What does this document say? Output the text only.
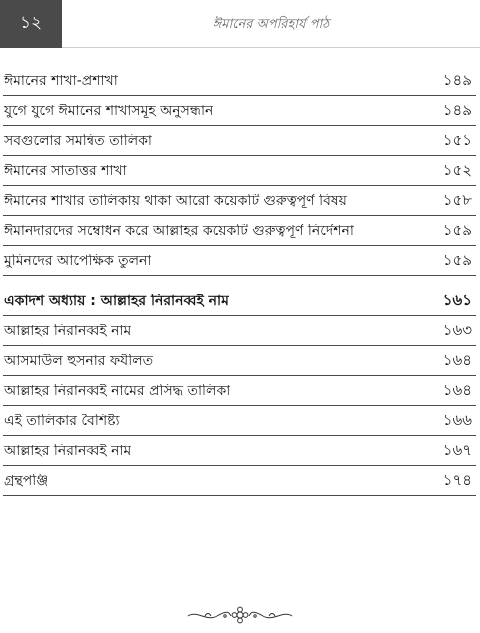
১২	ঈমানের অপরিহার্য পাঠ
ঈমানের শাখা-প্রশাখা	১৪৯
যুগে যুগে ঈমানের শাখাসমূহ অনুসন্ধান	১৪৯
সবগুলোর সমন্বিত তালিকা	১৫১
ঈমানের সাতাত্তর শাখা	১৫২
ঈমানের শাখার তালিকায় থাকা আরো কয়েকটি গুরুত্বপূর্ণ বিষয়	১৫৮
ঈমানদারদের সম্বোধন করে আল্লাহর কয়েকটি গুরুত্বপূর্ণ নির্দেশনা	১৫৯
মুমিনদের আপেক্ষিক তুলনা	১৫৯
একাদশ অধ্যায় : আল্লাহর নিরানব্বই নাম	১৬১
আল্লাহর নিরানব্বই নাম	১৬৩
আসমাউল হুসনার ফযীলত	১৬৪
আল্লাহর নিরানব্বই নামের প্রসিদ্ধ তালিকা	১৬৪
এই তালিকার বৈশিষ্ট্য	১৬৬
আল্লাহর নিরানব্বই নাম	১৬৭
গ্রন্থপঞ্জি	১৭৪
